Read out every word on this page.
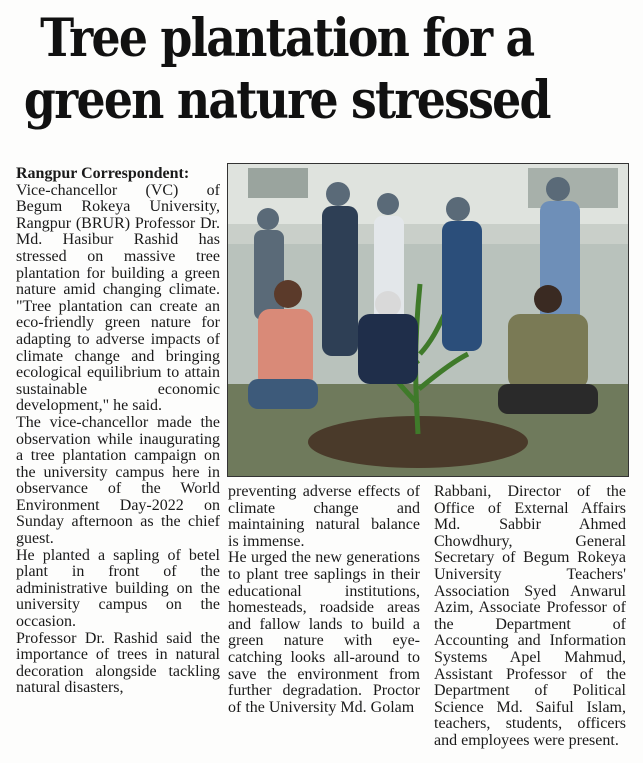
Tree plantation for a
green nature stressed

Rangpur Correspondent:

Vice-chancellor (VC) of Begum Rokeya University, Rangpur (BRUR) Professor Dr. Md. Hasibur Rashid has stressed on massive tree plantation for building a green nature amid changing climate. "Tree plantation can create an eco-friendly green nature for adapting to adverse impacts of climate change and bringing ecological equilibrium to attain sustainable economic development," he said.

The vice-chancellor made the observation while inaugurating a tree plantation campaign on the university campus here in observance of the World Environment Day-2022 on Sunday afternoon as the chief guest.

He planted a sapling of betel plant in front of the administrative building on the university campus on the occasion.

Professor Dr. Rashid said the importance of trees in natural decoration alongside tackling natural disasters,

preventing adverse effects of climate change and maintaining natural balance is immense.

He urged the new generations to plant tree saplings in their educational institutions, homesteads, roadside areas and fallow lands to build a green nature with eye-catching looks all-around to save the environment from further degradation. Proctor of the University Md. Golam

Rabbani, Director of the Office of External Affairs Md. Sabbir Ahmed Chowdhury, General Secretary of Begum Rokeya University Teachers' Association Syed Anwarul Azim, Associate Professor of the Department of Accounting and Information Systems Apel Mahmud, Assistant Professor of the Department of Political Science Md. Saiful Islam, teachers, students, officers and employees were present.
